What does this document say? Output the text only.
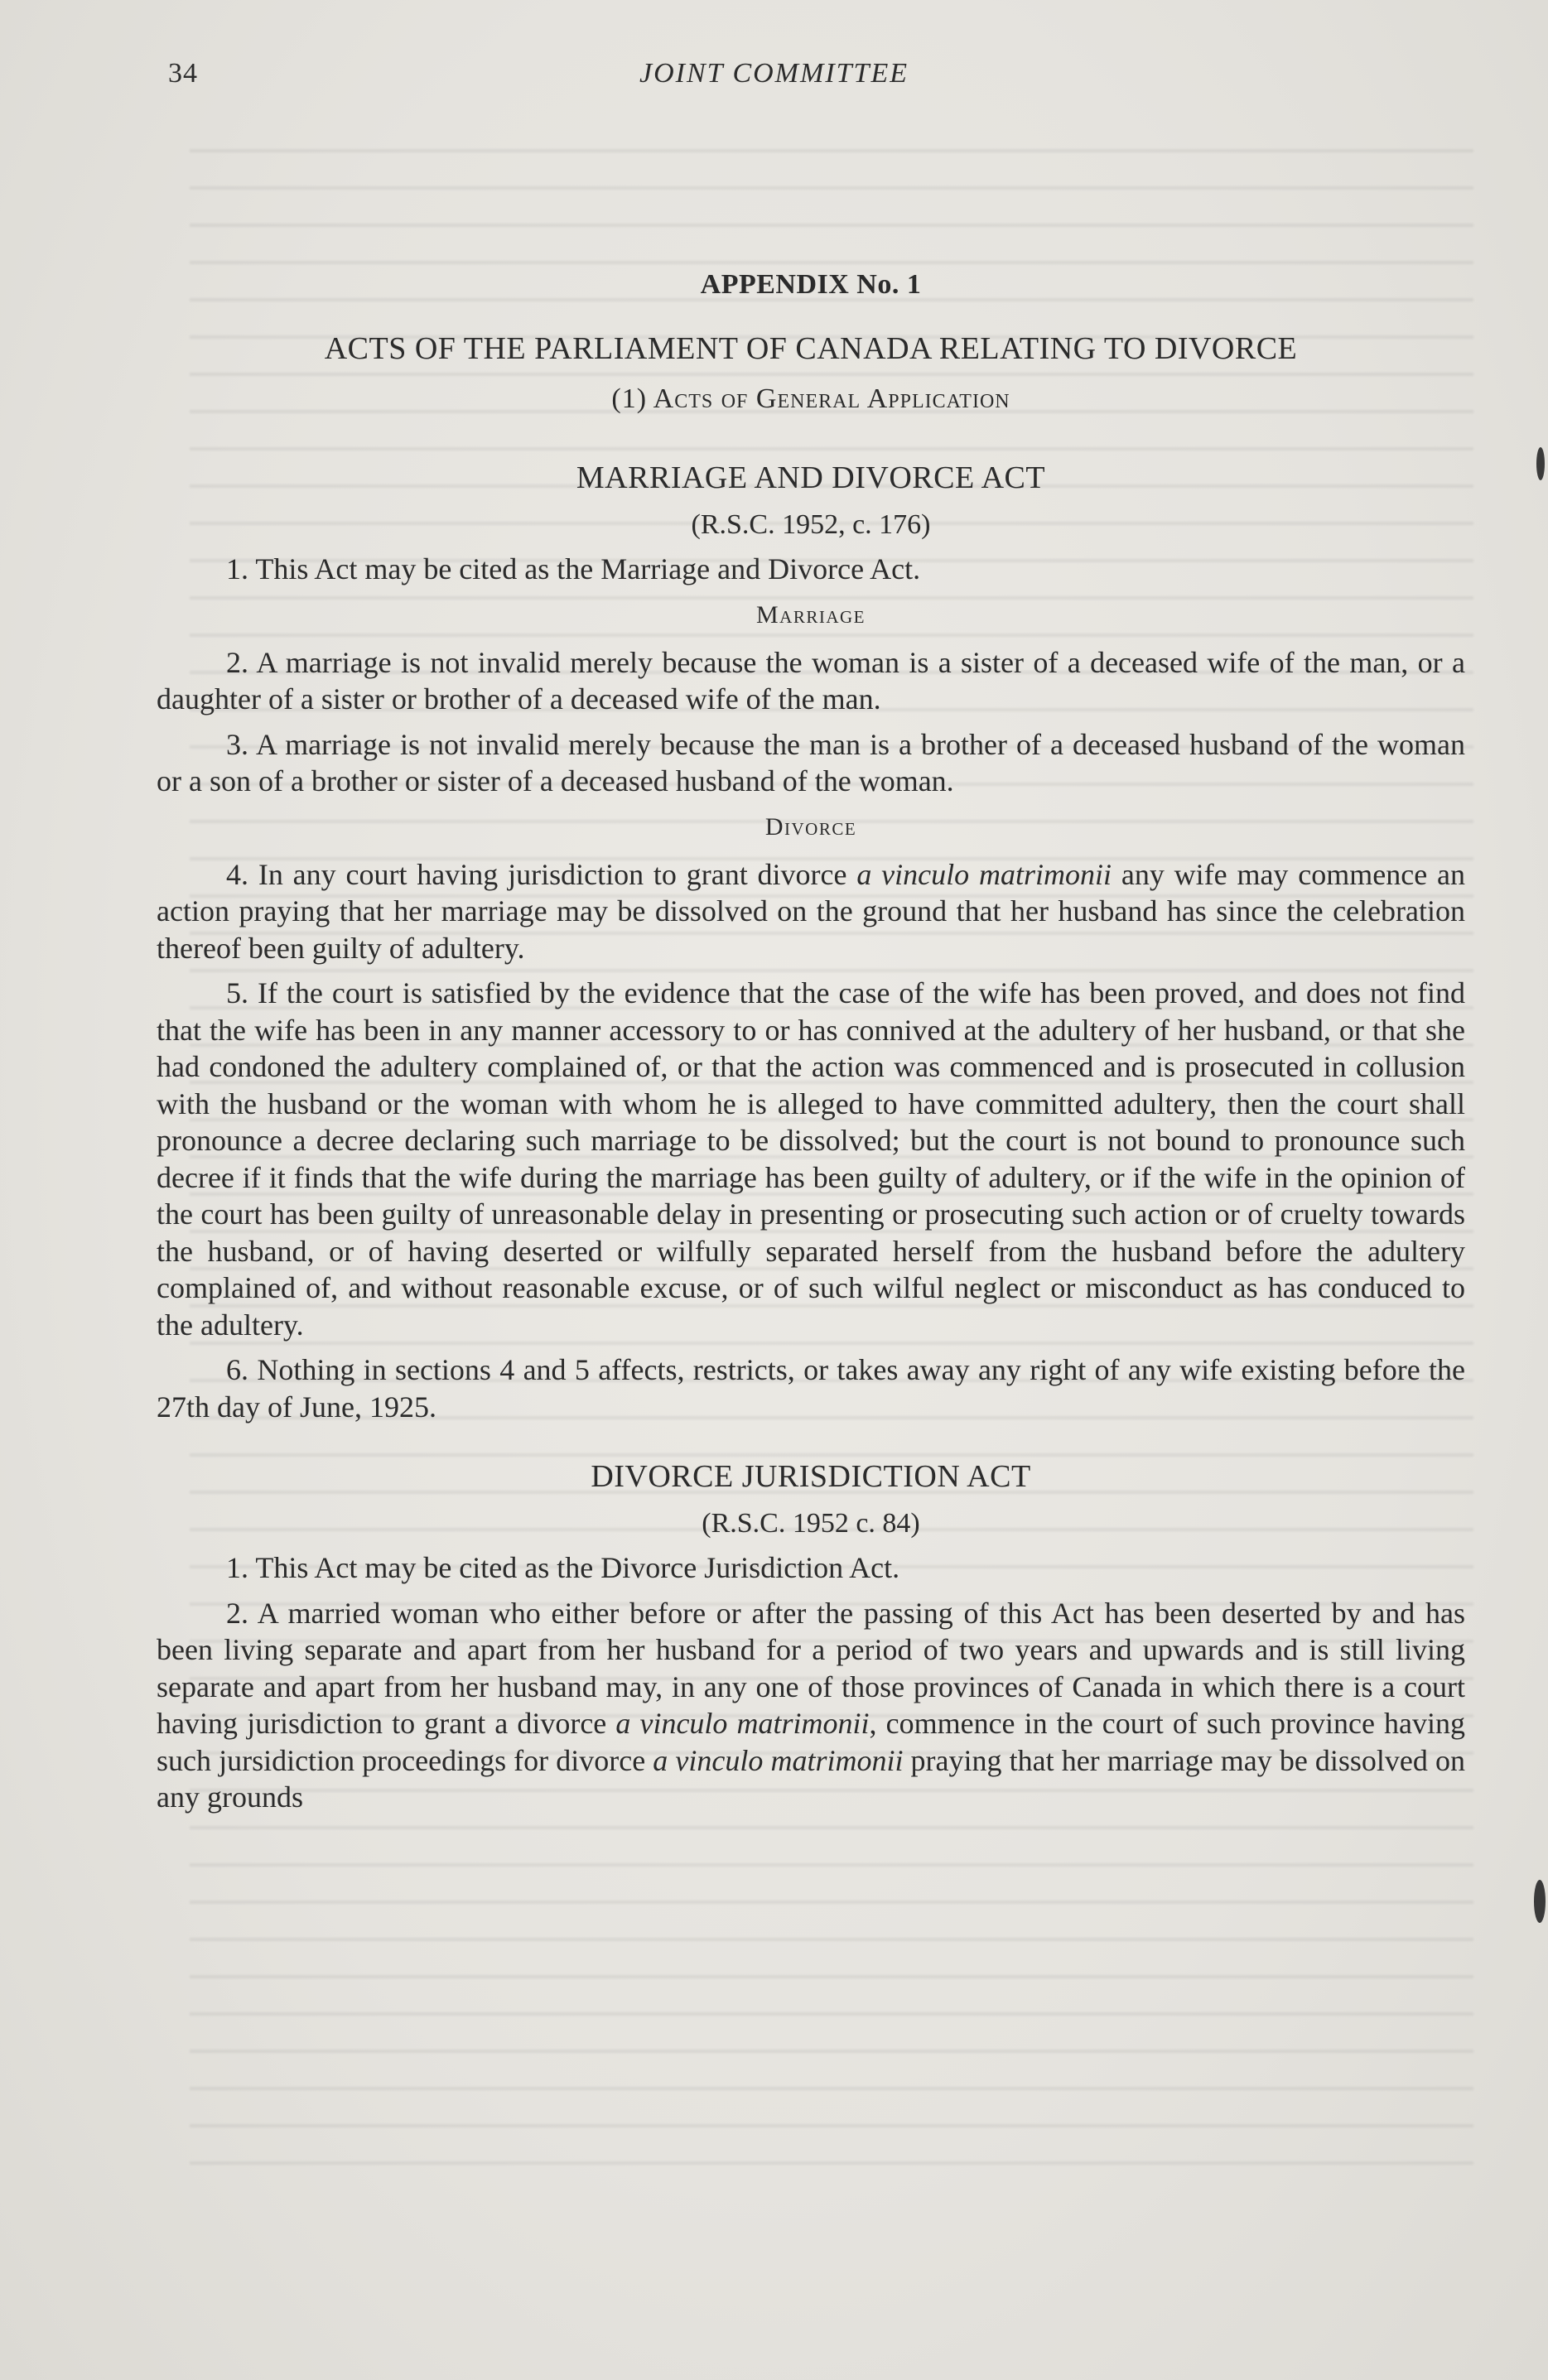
34	JOINT COMMITTEE
APPENDIX No. 1
ACTS OF THE PARLIAMENT OF CANADA RELATING TO DIVORCE
(1) Acts of General Application
MARRIAGE AND DIVORCE ACT
(R.S.C. 1952, c. 176)

1. This Act may be cited as the Marriage and Divorce Act.

Marriage

2. A marriage is not invalid merely because the woman is a sister of a deceased wife of the man, or a daughter of a sister or brother of a deceased wife of the man.

3. A marriage is not invalid merely because the man is a brother of a deceased husband of the woman or a son of a brother or sister of a deceased husband of the woman.

Divorce

4. In any court having jurisdiction to grant divorce a vinculo matrimonii any wife may commence an action praying that her marriage may be dissolved on the ground that her husband has since the celebration thereof been guilty of adultery.

5. If the court is satisfied by the evidence that the case of the wife has been proved, and does not find that the wife has been in any manner accessory to or has connived at the adultery of her husband, or that she had condoned the adultery complained of, or that the action was commenced and is prosecuted in collusion with the husband or the woman with whom he is alleged to have committed adultery, then the court shall pronounce a decree declaring such marriage to be dissolved; but the court is not bound to pronounce such decree if it finds that the wife during the marriage has been guilty of adultery, or if the wife in the opinion of the court has been guilty of unreasonable delay in presenting or prosecuting such action or of cruelty towards the husband, or of having deserted or wilfully separated herself from the husband before the adultery complained of, and without reasonable excuse, or of such wilful neglect or misconduct as has conduced to the adultery.

6. Nothing in sections 4 and 5 affects, restricts, or takes away any right of any wife existing before the 27th day of June, 1925.

DIVORCE JURISDICTION ACT
(R.S.C. 1952 c. 84)

1. This Act may be cited as the Divorce Jurisdiction Act.

2. A married woman who either before or after the passing of this Act has been deserted by and has been living separate and apart from her husband for a period of two years and upwards and is still living separate and apart from her husband may, in any one of those provinces of Canada in which there is a court having jurisdiction to grant a divorce a vinculo matrimonii, commence in the court of such province having such jursidiction proceedings for divorce a vinculo matrimonii praying that her marriage may be dissolved on any grounds
